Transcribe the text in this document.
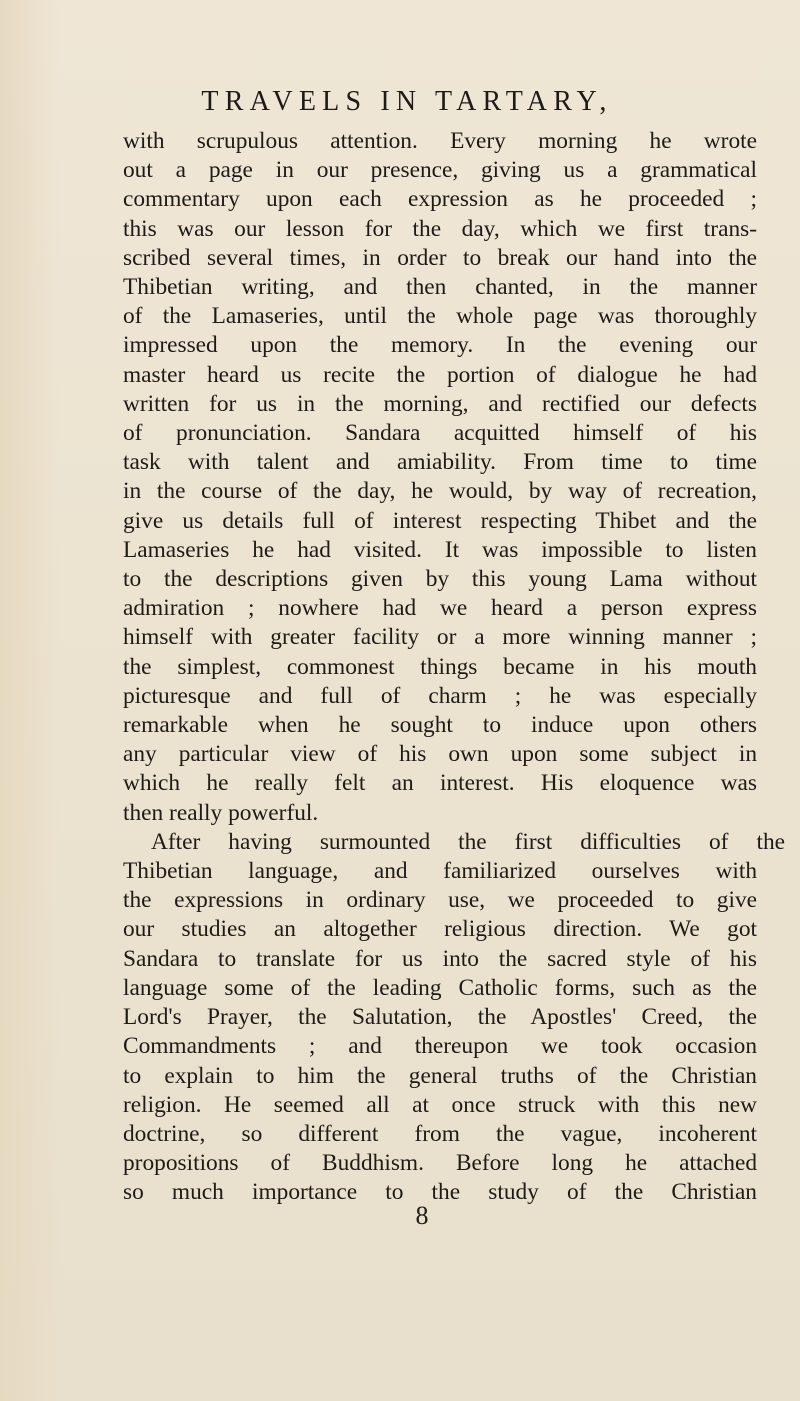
TRAVELS IN TARTARY,
with scrupulous attention. Every morning he wrote
out a page in our presence, giving us a grammatical
commentary upon each expression as he proceeded ;
this was our lesson for the day, which we first trans-
scribed several times, in order to break our hand into the
Thibetian writing, and then chanted, in the manner
of the Lamaseries, until the whole page was thoroughly
impressed upon the memory. In the evening our
master heard us recite the portion of dialogue he had
written for us in the morning, and rectified our defects
of pronunciation. Sandara acquitted himself of his
task with talent and amiability. From time to time
in the course of the day, he would, by way of recreation,
give us details full of interest respecting Thibet and the
Lamaseries he had visited. It was impossible to listen
to the descriptions given by this young Lama without
admiration ; nowhere had we heard a person express
himself with greater facility or a more winning manner ;
the simplest, commonest things became in his mouth
picturesque and full of charm ; he was especially
remarkable when he sought to induce upon others
any particular view of his own upon some subject in
which he really felt an interest. His eloquence was
then really powerful.
After having surmounted the first difficulties of the
Thibetian language, and familiarized ourselves with
the expressions in ordinary use, we proceeded to give
our studies an altogether religious direction. We got
Sandara to translate for us into the sacred style of his
language some of the leading Catholic forms, such as the
Lord's Prayer, the Salutation, the Apostles' Creed, the
Commandments ; and thereupon we took occasion
to explain to him the general truths of the Christian
religion. He seemed all at once struck with this new
doctrine, so different from the vague, incoherent
propositions of Buddhism. Before long he attached
so much importance to the study of the Christian
8
